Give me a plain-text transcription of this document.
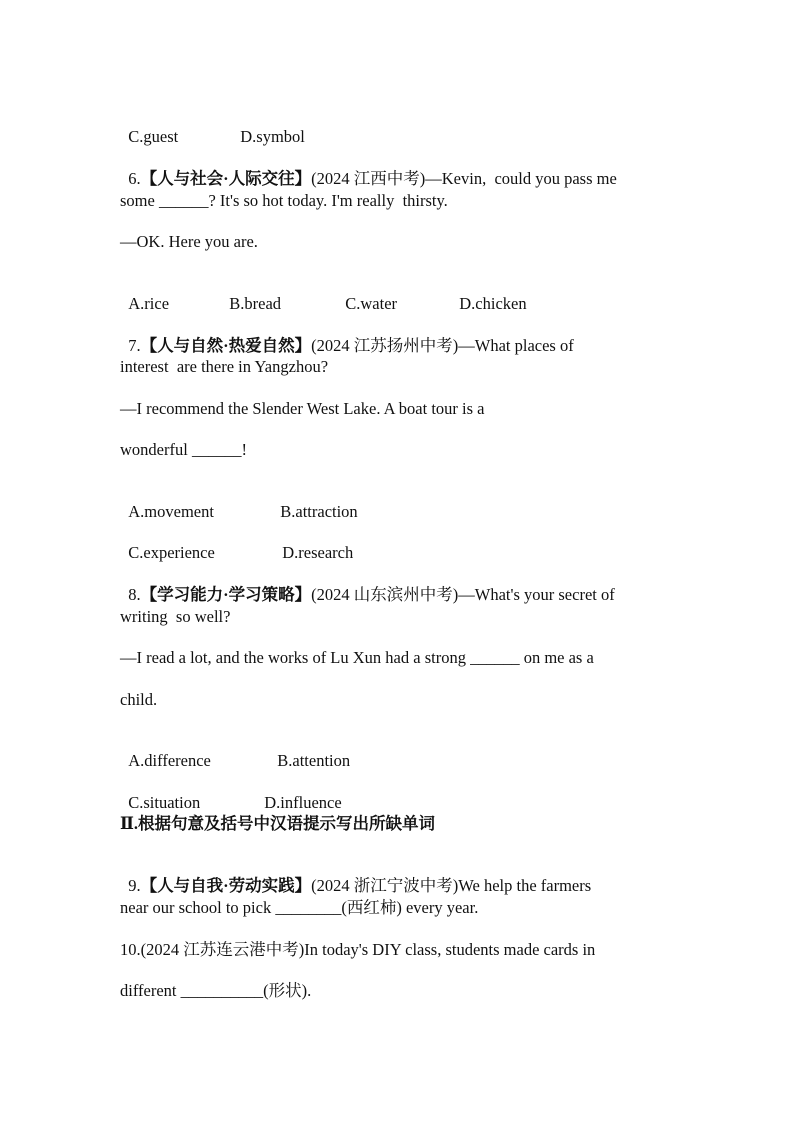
C.guest	D.symbol

6.【人与社会·人际交往】(2024 江西中考)—Kevin,  could you pass me

some ______? It's so hot today. I'm really  thirsty.
—OK. Here you are.

A.rice	B.bread	C.water	D.chicken

7.【人与自然·热爱自然】(2024 江苏扬州中考)—What places of

interest  are there in Yangzhou?
—I recommend the Slender West Lake. A boat tour is a
wonderful ______!

A.movement	B.attraction

C.experience	D.research

8.【学习能力·学习策略】(2024 山东滨州中考)—What's your secret of

writing  so well?
—I read a lot, and the works of Lu Xun had a strong ______ on me as a
child.

A.difference	B.attention

C.situation	D.influence

Ⅱ.根据句意及括号中汉语提示写出所缺单词

9.【人与自我·劳动实践】(2024 浙江宁波中考)We help the farmers

near our school to pick ________(西红柿) every year.
10.(2024 江苏连云港中考)In today's DIY class, students made cards in
different __________(形状).
